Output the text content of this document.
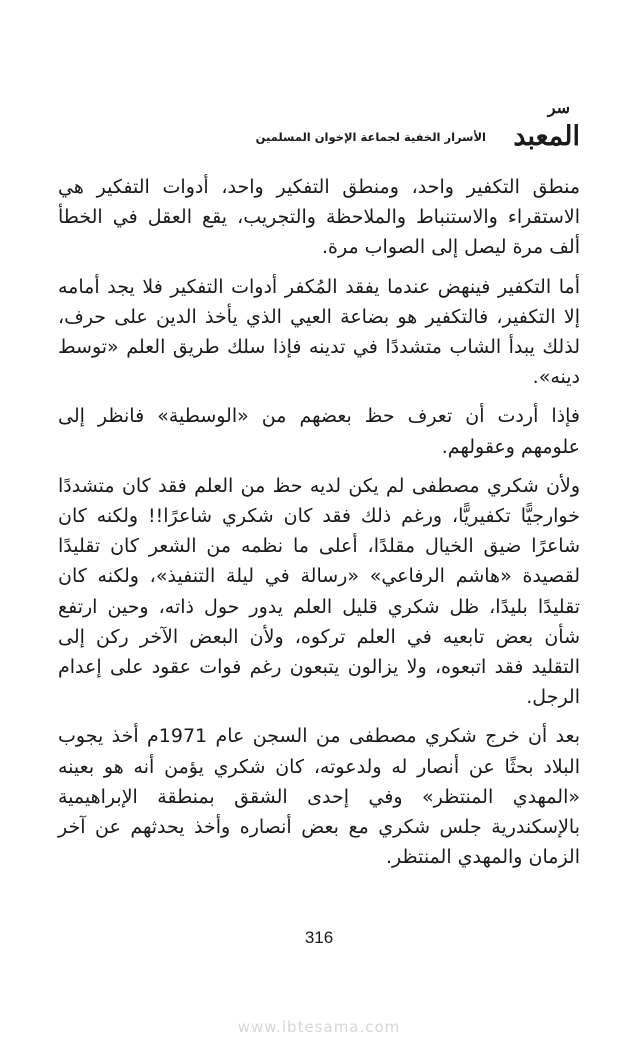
سر
المعبد
الأسرار الخفية لجماعة الإخوان المسلمين

منطق التكفير واحد، ومنطق التفكير واحد، أدوات التفكير هي الاستقراء والاستنباط والملاحظة والتجريب، يقع العقل في الخطأ ألف مرة ليصل إلى الصواب مرة.

أما التكفير فينهض عندما يفقد المُكفر أدوات التفكير فلا يجد أمامه إلا التكفير، فالتكفير هو بضاعة العيي الذي يأخذ الدين على حرف، لذلك يبدأ الشاب متشددًا في تدينه فإذا سلك طريق العلم «توسط دينه».

فإذا أردت أن تعرف حظ بعضهم من «الوسطية» فانظر إلى علومهم وعقولهم.

ولأن شكري مصطفى لم يكن لديه حظ من العلم فقد كان متشددًا خوارجيًّا تكفيريًّا، ورغم ذلك فقد كان شكري شاعرًا!! ولكنه كان شاعرًا ضيق الخيال مقلدًا، أعلى ما نظمه من الشعر كان تقليدًا لقصيدة «هاشم الرفاعي» «رسالة في ليلة التنفيذ»، ولكنه كان تقليدًا بليدًا، ظل شكري قليل العلم يدور حول ذاته، وحين ارتفع شأن بعض تابعيه في العلم تركوه، ولأن البعض الآخر ركن إلى التقليد فقد اتبعوه، ولا يزالون يتبعون رغم فوات عقود على إعدام الرجل.

بعد أن خرج شكري مصطفى من السجن عام 1971م أخذ يجوب البلاد بحثًا عن أنصار له ولدعوته، كان شكري يؤمن أنه هو بعينه «المهدي المنتظر» وفي إحدى الشقق بمنطقة الإبراهيمية بالإسكندرية جلس شكري مع بعض أنصاره وأخذ يحدثهم عن آخر الزمان والمهدي المنتظر.

316
www.ibtesama.com
